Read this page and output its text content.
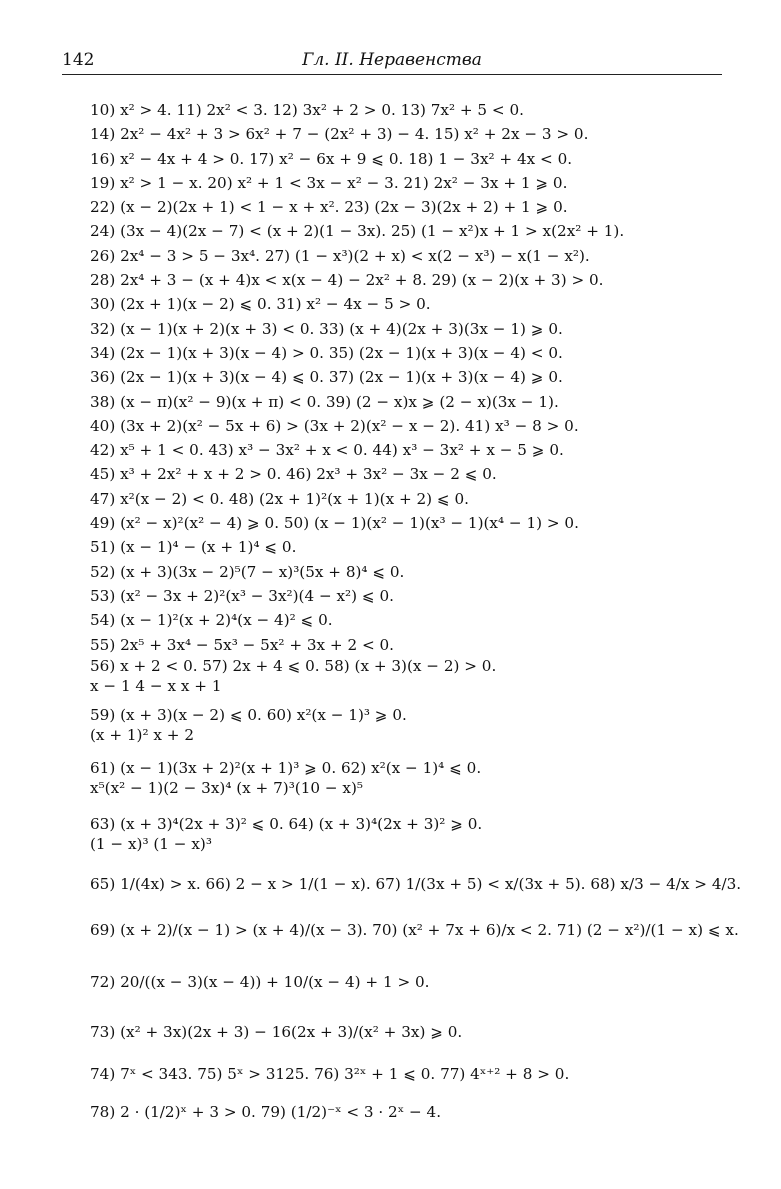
142	Гл. II. Неравенства
10) x² > 4. 11) 2x² < 3. 12) 3x² + 2 > 0. 13) 7x² + 5 < 0.
14) 2x² − 4x² + 3 > 6x² + 7 − (2x² + 3) − 4. 15) x² + 2x − 3 > 0.
16) x² − 4x + 4 > 0. 17) x² − 6x + 9 ⩽ 0. 18) 1 − 3x² + 4x < 0.
19) x² > 1 − x. 20) x² + 1 < 3x − x² − 3. 21) 2x² − 3x + 1 ⩾ 0.
22) (x − 2)(2x + 1) < 1 − x + x². 23) (2x − 3)(2x + 2) + 1 ⩾ 0.
24) (3x − 4)(2x − 7) < (x + 2)(1 − 3x). 25) (1 − x²)x + 1 > x(2x² + 1).
26) 2x⁴ − 3 > 5 − 3x⁴. 27) (1 − x³)(2 + x) < x(2 − x³) − x(1 − x²).
28) 2x⁴ + 3 − (x + 4)x < x(x − 4) − 2x² + 8. 29) (x − 2)(x + 3) > 0.
30) (2x + 1)(x − 2) ⩽ 0. 31) x² − 4x − 5 > 0.
32) (x − 1)(x + 2)(x + 3) < 0. 33) (x + 4)(2x + 3)(3x − 1) ⩾ 0.
34) (2x − 1)(x + 3)(x − 4) > 0. 35) (2x − 1)(x + 3)(x − 4) < 0.
36) (2x − 1)(x + 3)(x − 4) ⩽ 0. 37) (2x − 1)(x + 3)(x − 4) ⩾ 0.
38) (x − π)(x² − 9)(x + π) < 0. 39) (2 − x)x ⩾ (2 − x)(3x − 1).
40) (3x + 2)(x² − 5x + 6) > (3x + 2)(x² − x − 2). 41) x³ − 8 > 0.
42) x⁵ + 1 < 0. 43) x³ − 3x² + x < 0. 44) x³ − 3x² + x − 5 ⩾ 0.
45) x³ + 2x² + x + 2 > 0. 46) 2x³ + 3x² − 3x − 2 ⩽ 0.
47) x²(x − 2) < 0. 48) (2x + 1)²(x + 1)(x + 2) ⩽ 0.
49) (x² − x)²(x² − 4) ⩾ 0. 50) (x − 1)(x² − 1)(x³ − 1)(x⁴ − 1) > 0.
51) (x − 1)⁴ − (x + 1)⁴ ⩽ 0.
52) (x + 3)(3x − 2)⁵(7 − x)³(5x + 8)⁴ ⩽ 0.
53) (x² − 3x + 2)²(x³ − 3x²)(4 − x²) ⩽ 0.
54) (x − 1)²(x + 2)⁴(x − 4)² ⩽ 0.
55) 2x⁵ + 3x⁴ − 5x³ − 5x² + 3x + 2 < 0.
56) x + 2 < 0. 57) 2x + 4 ⩽ 0. 58) (x + 3)(x − 2) > 0.
x − 1 4 − x x + 1
59) (x + 3)(x − 2) ⩽ 0. 60) x²(x − 1)³ ⩾ 0.
(x + 1)² x + 2
61) (x − 1)(3x + 2)²(x + 1)³ ⩾ 0. 62) x²(x − 1)⁴ ⩽ 0.
x⁵(x² − 1)(2 − 3x)⁴ (x + 7)³(10 − x)⁵
63) (x + 3)⁴(2x + 3)² ⩽ 0. 64) (x + 3)⁴(2x + 3)² ⩾ 0.
(1 − x)³ (1 − x)³
65) 1/(4x) > x. 66) 2 − x > 1/(1 − x). 67) 1/(3x + 5) < x/(3x + 5). 68) x/3 − 4/x > 4/3.
69) (x + 2)/(x − 1) > (x + 4)/(x − 3). 70) (x² + 7x + 6)/x < 2. 71) (2 − x²)/(1 − x) ⩽ x.
72) 20/((x − 3)(x − 4)) + 10/(x − 4) + 1 > 0.
73) (x² + 3x)(2x + 3) − 16(2x + 3)/(x² + 3x) ⩾ 0.
74) 7ˣ < 343. 75) 5ˣ > 3125. 76) 3²ˣ + 1 ⩽ 0. 77) 4ˣ⁺² + 8 > 0.
78) 2 · (1/2)ˣ + 3 > 0. 79) (1/2)⁻ˣ < 3 · 2ˣ − 4.
